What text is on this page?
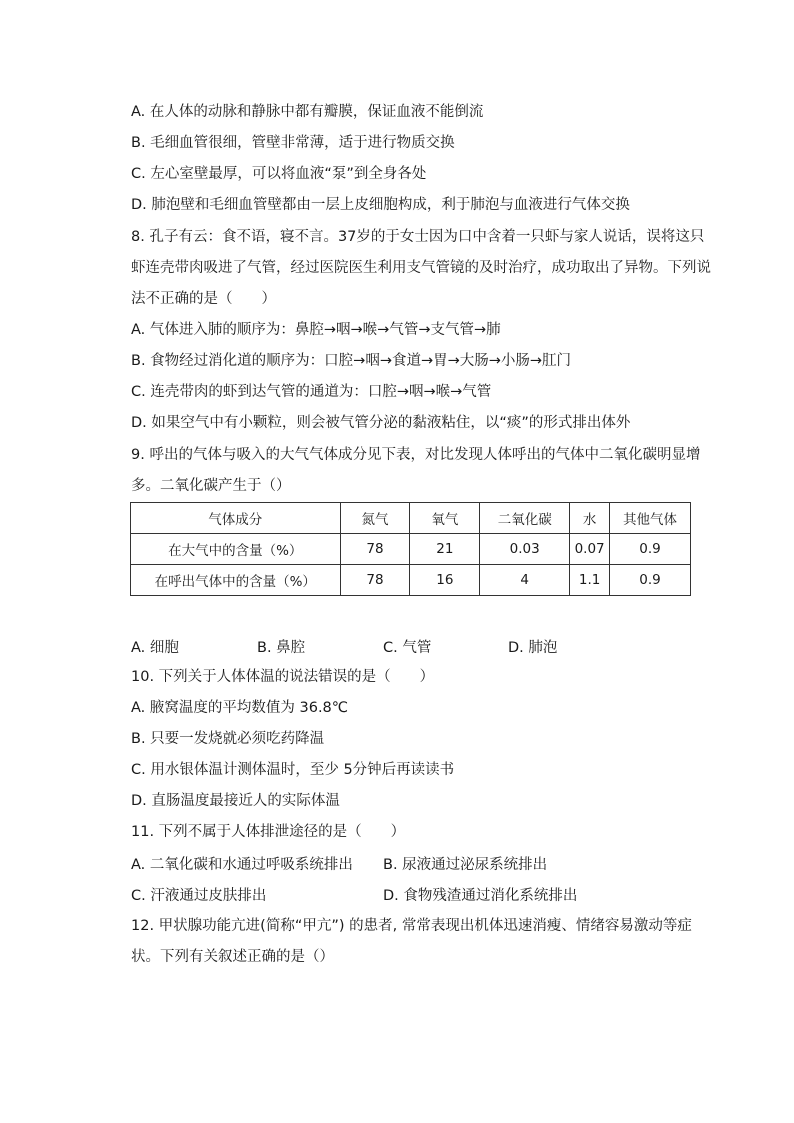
A. 在人体的动脉和静脉中都有瓣膜，保证血液不能倒流
B. 毛细血管很细，管壁非常薄，适于进行物质交换
C. 左心室壁最厚，可以将血液“泵”到全身各处
D. 肺泡壁和毛细血管壁都由一层上皮细胞构成，利于肺泡与血液进行气体交换
8. 孔子有云：食不语，寝不言。37岁的于女士因为口中含着一只虾与家人说话，误将这只
虾连壳带肉吸进了气管，经过医院医生利用支气管镜的及时治疗，成功取出了异物。下列说
法不正确的是（　　）
A. 气体进入肺的顺序为：鼻腔→咽→喉→气管→支气管→肺
B. 食物经过消化道的顺序为：口腔→咽→食道→胃→大肠→小肠→肛门
C. 连壳带肉的虾到达气管的通道为：口腔→咽→喉→气管
D. 如果空气中有小颗粒，则会被气管分泌的黏液粘住，以“痰”的形式排出体外
9. 呼出的气体与吸入的大气气体成分见下表，对比发现人体呼出的气体中二氧化碳明显增
多。二氧化碳产生于（）
气体成分	氮气	氧气	二氧化碳	水	其他气体
在大气中的含量（%）	78	21	0.03	0.07	0.9
在呼出气体中的含量（%）	78	16	4	1.1	0.9
A. 细胞	B. 鼻腔	C. 气管	D. 肺泡
10. 下列关于人体体温的说法错误的是（　　）
A. 腋窝温度的平均数值为 36.8℃
B. 只要一发烧就必须吃药降温
C. 用水银体温计测体温时，至少 5分钟后再读读书
D. 直肠温度最接近人的实际体温
11. 下列不属于人体排泄途径的是（　　）
A. 二氧化碳和水通过呼吸系统排出 B. 尿液通过泌尿系统排出
C. 汗液通过皮肤排出	D. 食物残渣通过消化系统排出
12. 甲状腺功能亢进(简称“甲亢”) 的患者, 常常表现出机体迅速消瘦、情绪容易激动等症
状。下列有关叙述正确的是（）
